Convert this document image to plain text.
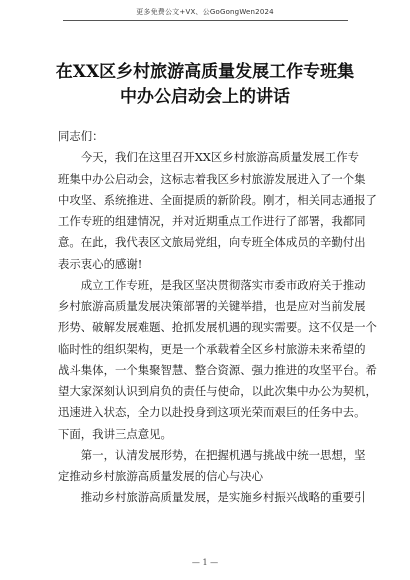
更多免费公文+VX、公GoGongWen2024
在XX区乡村旅游高质量发展工作专班集
中办公启动会上的讲话
同志们：
　　今天，我们在这里召开XX区乡村旅游高质量发展工作专
班集中办公启动会，这标志着我区乡村旅游发展进入了一个集
中攻坚、系统推进、全面提质的新阶段。刚才，相关同志通报了
工作专班的组建情况，并对近期重点工作进行了部署，我都同
意。在此，我代表区文旅局党组，向专班全体成员的辛勤付出
表示衷心的感谢!
　　成立工作专班，是我区坚决贯彻落实市委市政府关于推动
乡村旅游高质量发展决策部署的关键举措，也是应对当前发展
形势、破解发展难题、抢抓发展机遇的现实需要。这不仅是一个
临时性的组织架构，更是一个承载着全区乡村旅游未来希望的
战斗集体，一个集聚智慧、整合资源、强力推进的攻坚平台。希
望大家深刻认识到肩负的责任与使命，以此次集中办公为契机，
迅速进入状态，全力以赴投身到这项光荣而艰巨的任务中去。
下面，我讲三点意见。
　　第一，认清发展形势，在把握机遇与挑战中统一思想，坚
定推动乡村旅游高质量发展的信心与决心
　　推动乡村旅游高质量发展，是实施乡村振兴战略的重要引
— 1 —
